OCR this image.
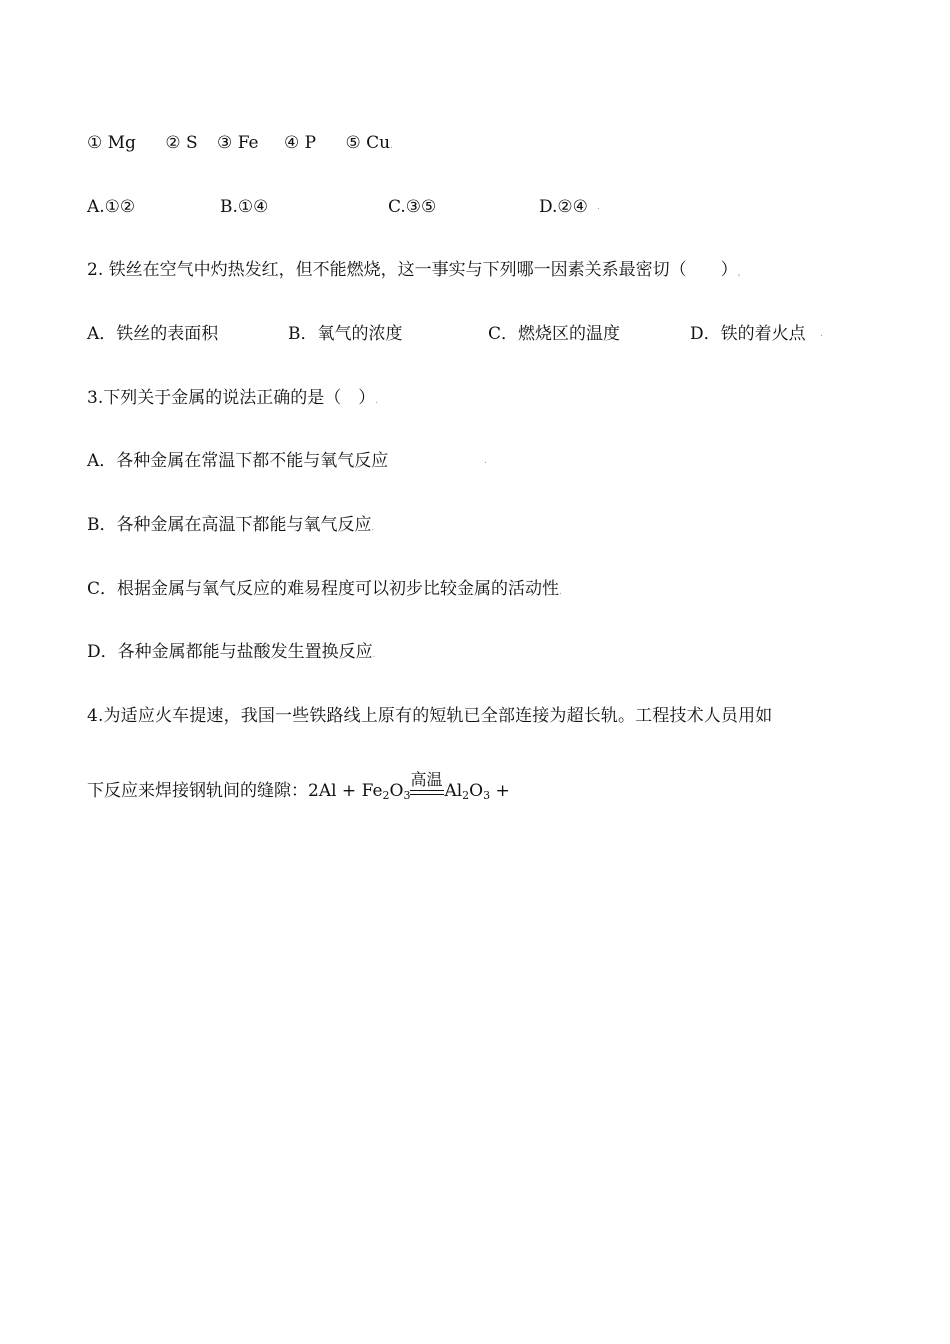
① Mg ② S ③ Fe ④ P ⑤ Cu.
A.①②	B.①④	C.③⑤	D.②④ .
2. 铁丝在空气中灼热发红，但不能燃烧，这一事实与下列哪一因素关系最密切（　　）,
A．铁丝的表面积	B．氧气的浓度	C．燃烧区的温度	D．铁的着火点 .
3.下列关于金属的说法正确的是（　）.
A．各种金属在常温下都不能与氧气反应	.
B．各种金属在高温下都能与氧气反应.
C．根据金属与氧气反应的难易程度可以初步比较金属的活动性.
D．各种金属都能与盐酸发生置换反应.
4.为适应火车提速，我国一些铁路线上原有的短轨已全部连接为超长轨。工程技术人员用如
下反应来焊接钢轨间的缝隙：$2Al + Fe_2O_3$
高温
$Al_2O_3$ +
